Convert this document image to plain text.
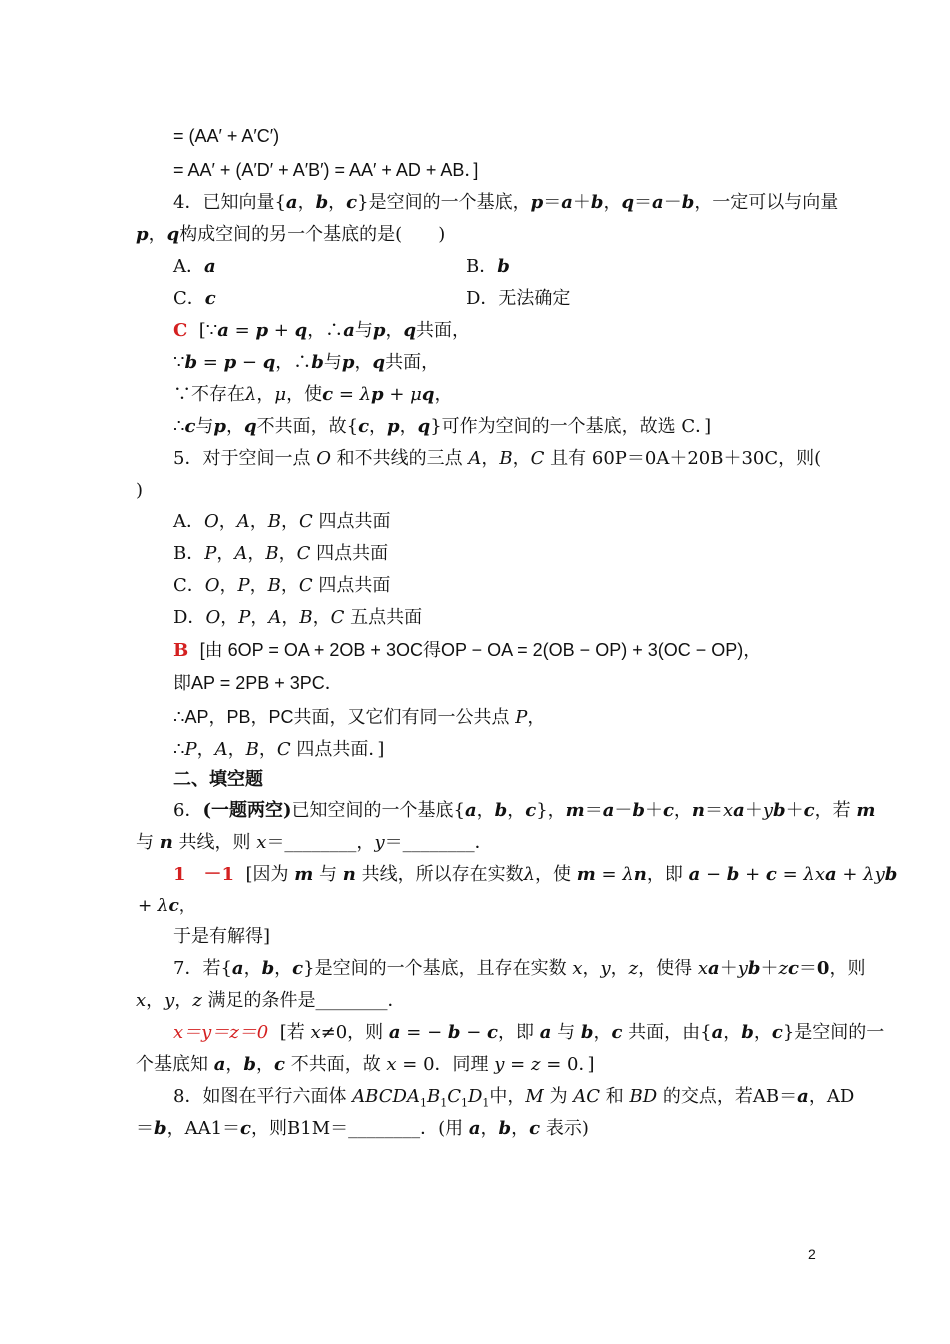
= (AA′ + A′C′)
= AA′ + (A′D′ + A′B′) = AA′ + AD + AB．]
4．已知向量{a，b，c}是空间的一个基底，p＝a＋b，q＝a－b，一定可以与向量
p，q构成空间的另一个基底的是(　　)
A．a	B．b
C．c	D．无法确定
C [∵a = p + q，∴a与p，q共面，
∵b = p − q，∴b与p，q共面，
∵不存在λ，μ，使c = λp + μq，
∴c与p，q不共面，故{c，p，q}可作为空间的一个基底，故选 C．]
5．对于空间一点 O 和不共线的三点 A，B，C 且有 60P＝0A＋20B＋30C，则(
)
A．O，A，B，C 四点共面
B．P，A，B，C 四点共面
C．O，P，B，C 四点共面
D．O，P，A，B，C 五点共面
B [由 6OP = OA + 2OB + 3OC得OP − OA = 2(OB − OP) + 3(OC − OP)，
即AP = 2PB + 3PC．
∴AP，PB，PC共面，又它们有同一公共点 P，
∴P，A，B，C 四点共面．]
二、填空题
6．(一题两空)已知空间的一个基底{a，b，c}，m＝a－b＋c，n＝xa＋yb＋c，若 m
与 n 共线，则 x＝________，y＝________．
1　－1 [因为 m 与 n 共线，所以存在实数λ，使 m = λn，即 a − b + c = λxa + λyb
+ λc，
于是有解得]
7．若{a，b，c}是空间的一个基底，且存在实数 x，y，z，使得 xa＋yb＋zc＝0，则
x，y，z 满足的条件是________．
x＝y＝z＝0 [若 x≠0，则 a = − b − c，即 a 与 b，c 共面，由{a，b，c}是空间的一
个基底知 a，b，c 不共面，故 x = 0．同理 y = z = 0．]
8．如图在平行六面体 $ABCDA_1B_1C_1D_1$中，M 为 AC 和 BD 的交点，若AB＝a，AD
＝b，AA1＝c，则B1M＝________．(用 a，b，c 表示)
2
